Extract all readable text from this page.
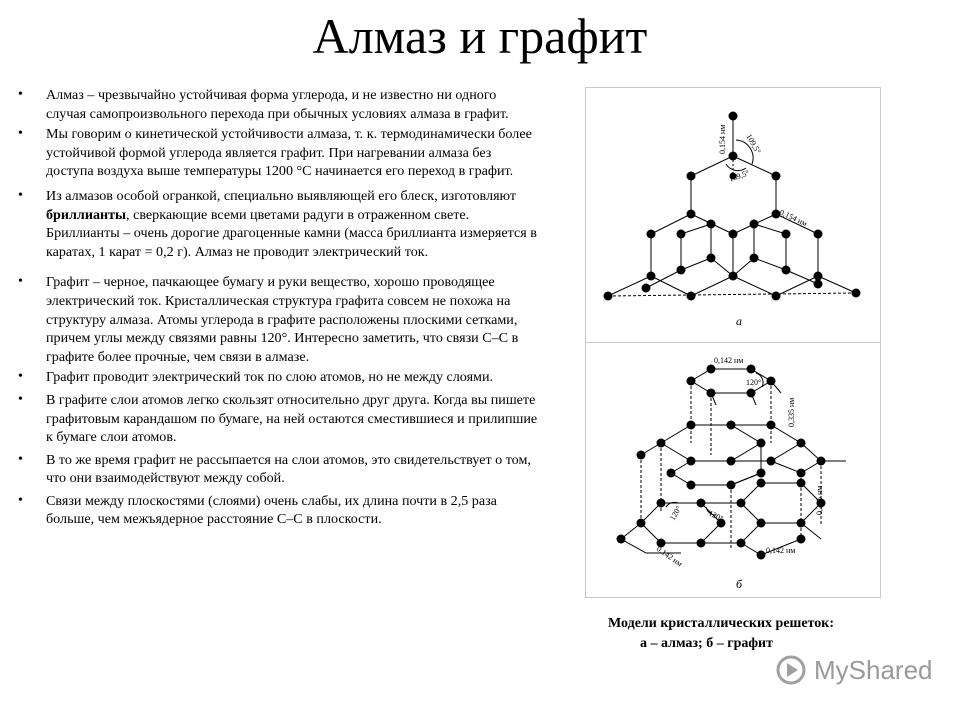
Алмаз и графит
• Алмаз – чрезвычайно устойчивая форма углерода, и не известно ни одного случая самопроизвольного перехода при обычных условиях алмаза в графит.
• Мы говорим о кинетической устойчивости алмаза, т. к. термодинамически более устойчивой формой углерода является графит. При нагревании алмаза без доступа воздуха выше температуры 1200 °С начинается его переход в графит.
• Из алмазов особой огранкой, специально выявляющей его блеск, изготовляют бриллианты, сверкающие всеми цветами радуги в отраженном свете. Бриллианты – очень дорогие драгоценные камни (масса бриллианта измеряется в каратах, 1 карат = 0,2 г). Алмаз не проводит электрический ток.
• Графит – черное, пачкающее бумагу и руки вещество, хорошо проводящее электрический ток. Кристаллическая структура графита совсем не похожа на структуру алмаза. Атомы углерода в графите расположены плоскими сетками, причем углы между связями равны 120°. Интересно заметить, что связи С–С в графите более прочные, чем связи в алмазе.
• Графит проводит электрический ток по слою атомов, но не между слоями.
• В графите слои атомов легко скользят относительно друг друга. Когда вы пишете графитовым карандашом по бумаге, на ней остаются сместившиеся и прилипшие к бумаге слои атомов.
• В то же время графит не рассыпается на слои атомов, это свидетельствует о том, что они взаимодействуют между собой.
• Связи между плоскостями (слоями) очень слабы, их длина почти в 2,5 раза больше, чем межъядерное расстояние С–С в плоскости.
0,154 нм 109,5°
109,5°
0,154 нм
а
0,142 нм
120°
0,335 нм
0,335 нм
120°	120°
0,142 нм	0,142 нм
б
Модели кристаллических решеток:
а – алмаз; б – графит
MyShared
